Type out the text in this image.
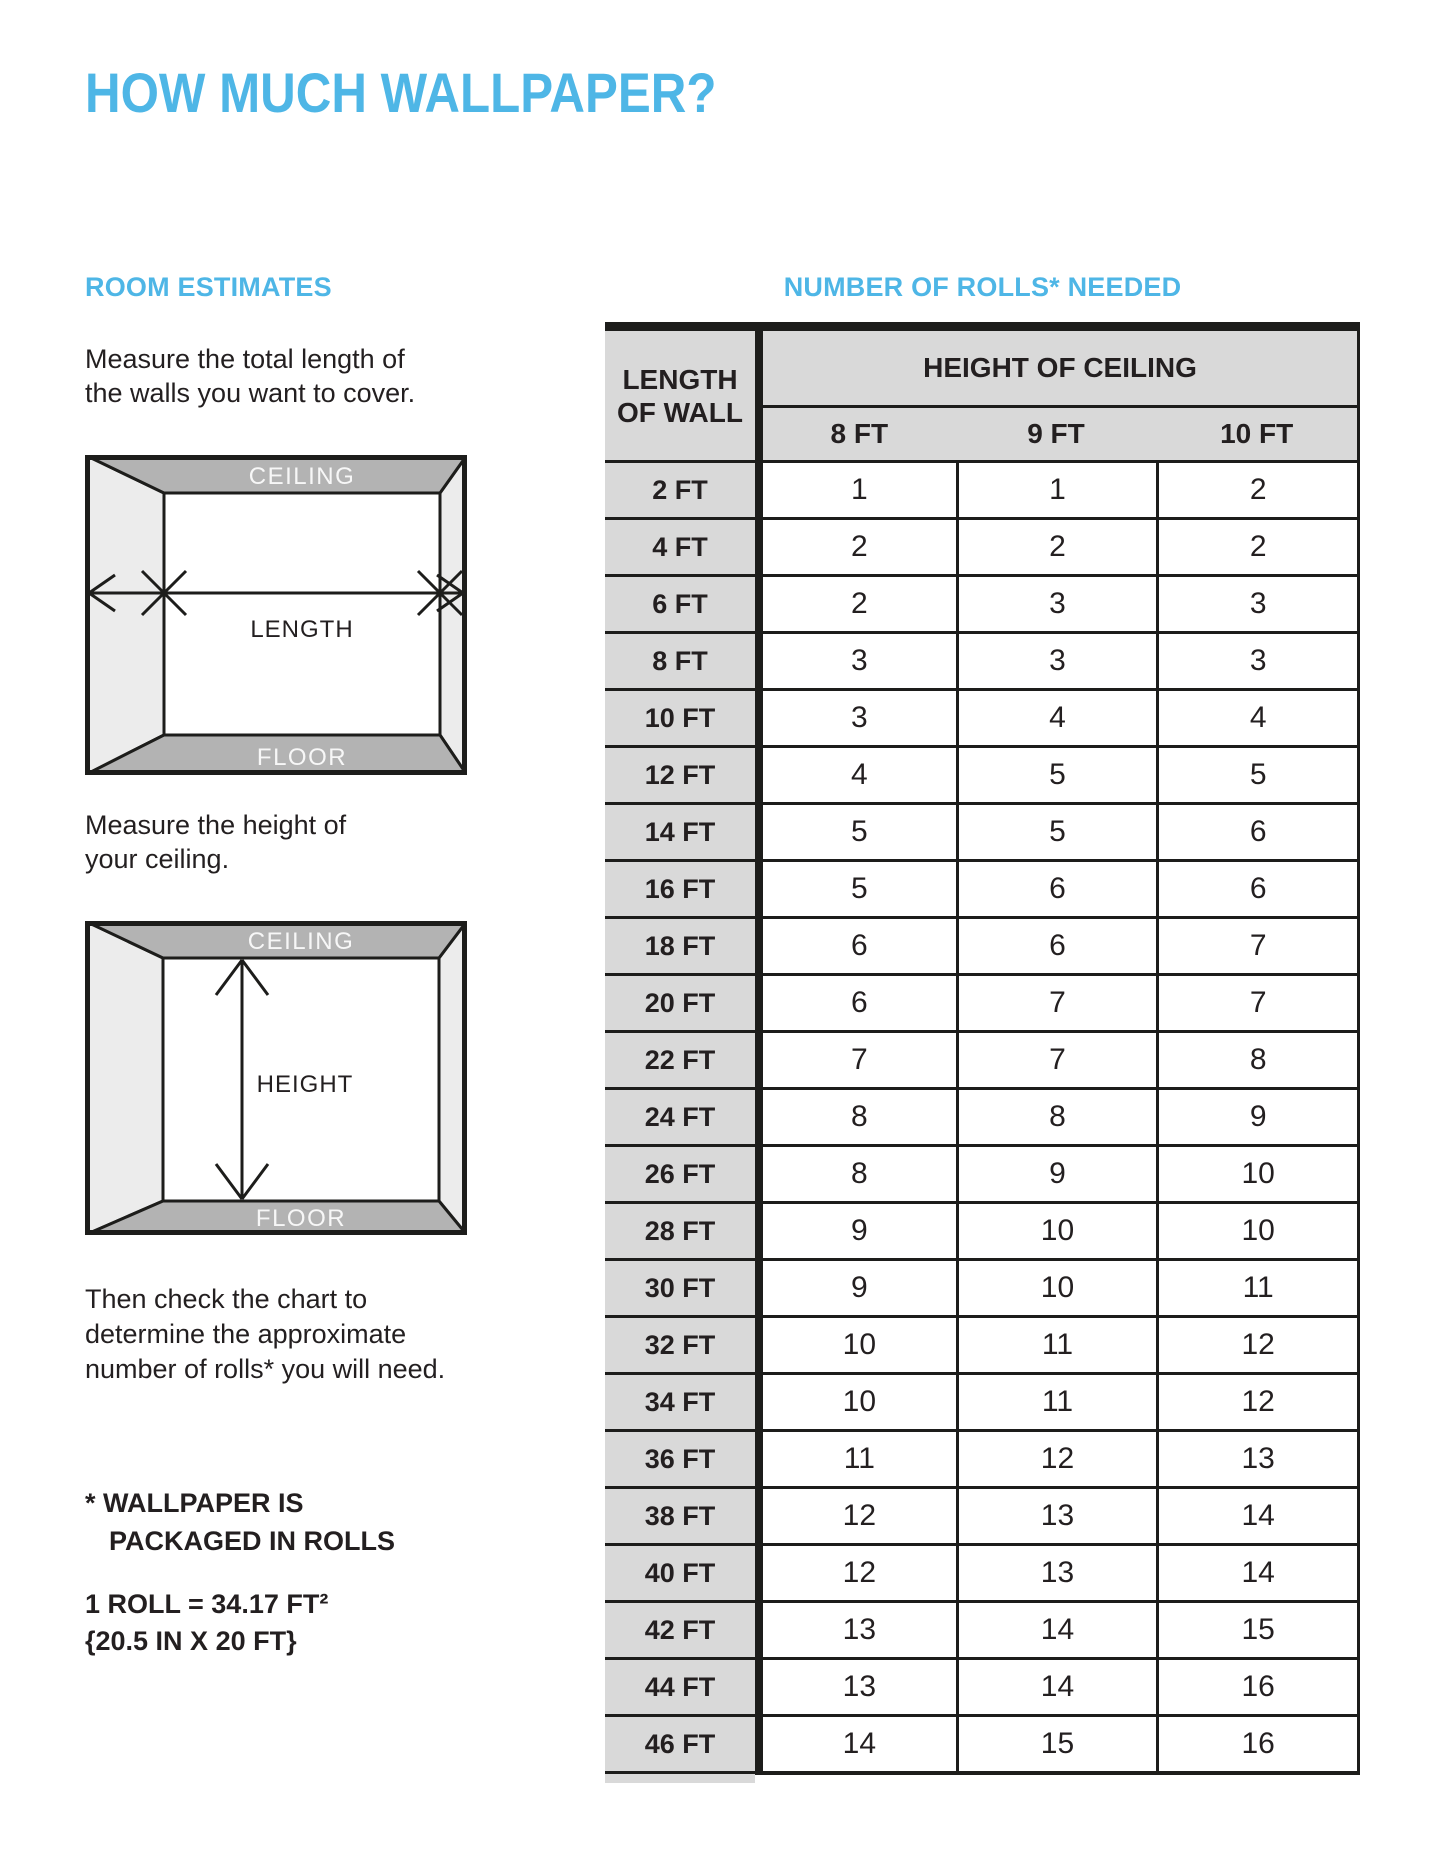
HOW MUCH WALLPAPER?
ROOM ESTIMATES	NUMBER OF ROLLS* NEEDED
Measure the total length of
the walls you want to cover.
CEILING
LENGTH
FLOOR
Measure the height of
your ceiling.
CEILING
HEIGHT
FLOOR
Then check the chart to
determine the approximate
number of rolls* you will need.
* WALLPAPER IS
PACKAGED IN ROLLS
1 ROLL = 34.17 FT²
{20.5 IN X 20 FT}
LENGTH
OF WALL
HEIGHT OF CEILING
8 FT	9 FT	10 FT
2 FT	1	1	2
4 FT	2	2	2
6 FT	2	3	3
8 FT	3	3	3
10 FT	3	4	4
12 FT	4	5	5
14 FT	5	5	6
16 FT	5	6	6
18 FT	6	6	7
20 FT	6	7	7
22 FT	7	7	8
24 FT	8	8	9
26 FT	8	9	10
28 FT	9	10	10
30 FT	9	10	11
32 FT	10	11	12
34 FT	10	11	12
36 FT	11	12	13
38 FT	12	13	14
40 FT	12	13	14
42 FT	13	14	15
44 FT	13	14	16
46 FT	14	15	16
